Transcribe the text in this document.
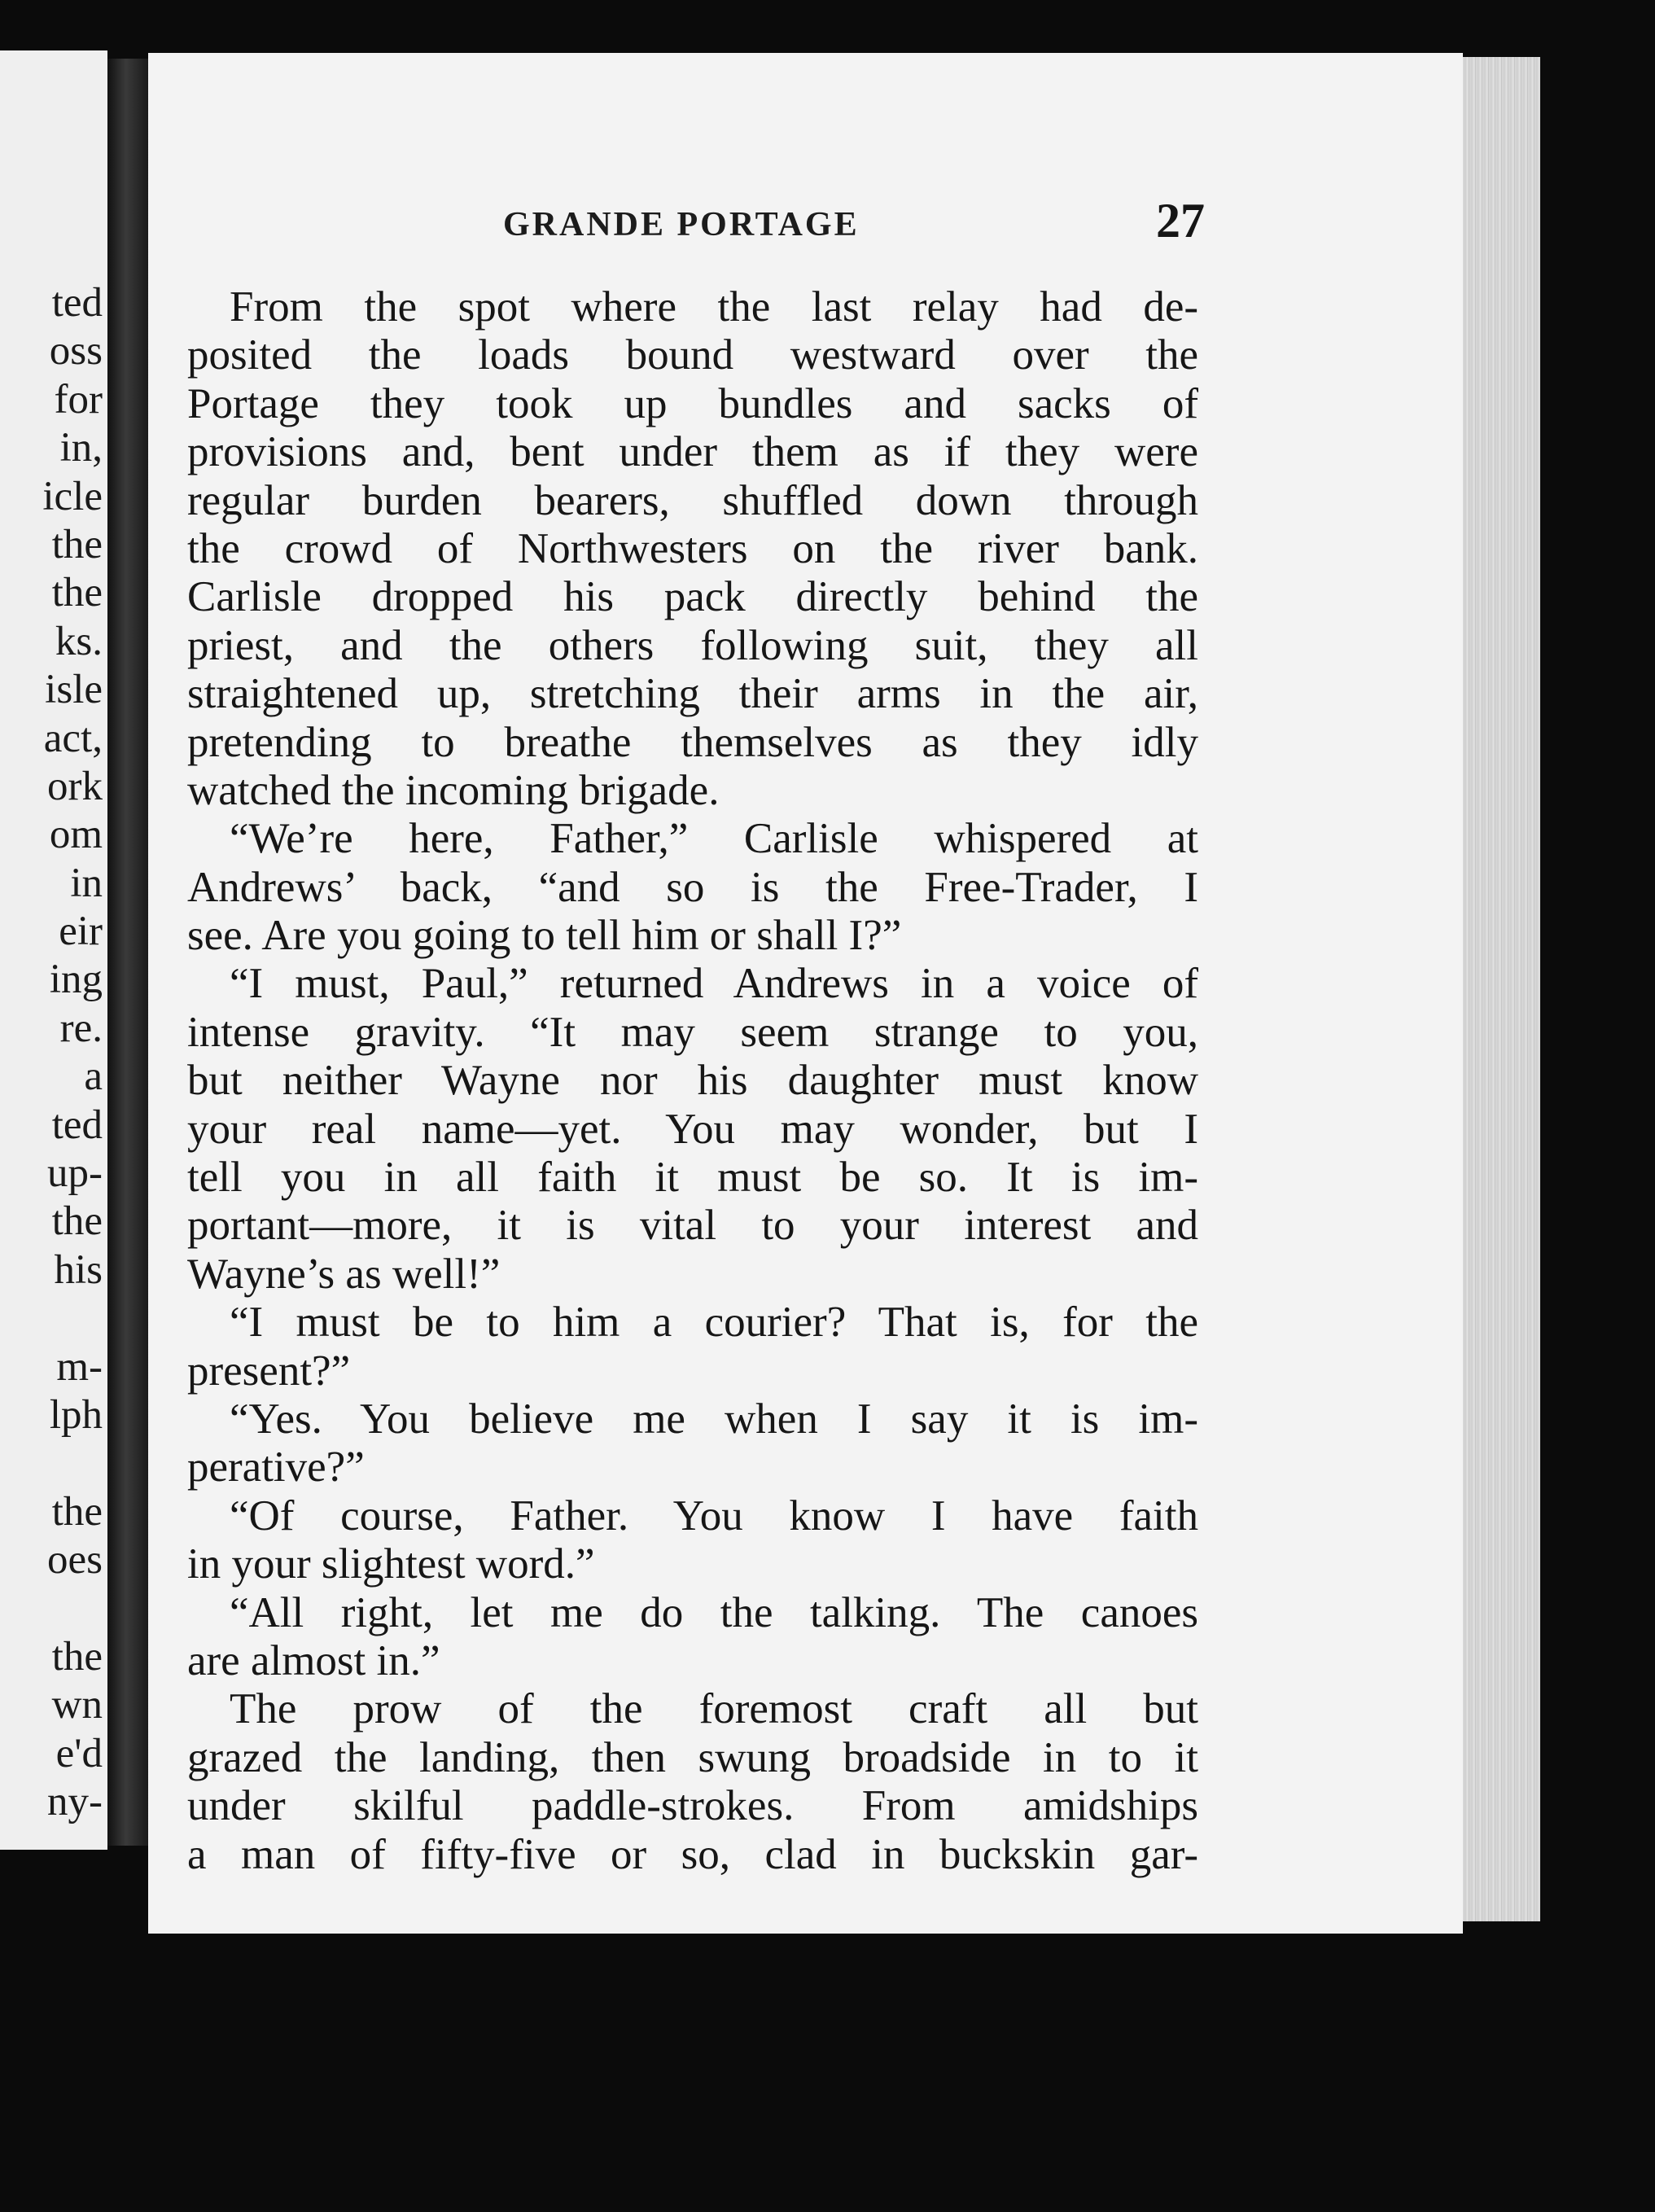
ted
oss
for
in,
icle
the
the
ks.
isle
act,
ork
om
in
eir
ing
re.
a
ted
up-
the
his
m-
lph
the
oes
the
wn
e'd
ny-
GRANDE PORTAGE	27
From the spot where the last relay had de-
posited the loads bound westward over the
Portage they took up bundles and sacks of
provisions and, bent under them as if they were
regular burden bearers, shuffled down through
the crowd of Northwesters on the river bank.
Carlisle dropped his pack directly behind the
priest, and the others following suit, they all
straightened up, stretching their arms in the air,
pretending to breathe themselves as they idly
watched the incoming brigade.
“We’re here, Father,” Carlisle whispered at
Andrews’ back, “and so is the Free-Trader, I
see. Are you going to tell him or shall I?”
“I must, Paul,” returned Andrews in a voice of
intense gravity. “It may seem strange to you,
but neither Wayne nor his daughter must know
your real name—yet. You may wonder, but I
tell you in all faith it must be so. It is im-
portant—more, it is vital to your interest and
Wayne’s as well!”
“I must be to him a courier? That is, for the
present?”
“Yes. You believe me when I say it is im-
perative?”
“Of course, Father. You know I have faith
in your slightest word.”
“All right, let me do the talking. The canoes
are almost in.”
The prow of the foremost craft all but
grazed the landing, then swung broadside in to it
under skilful paddle-strokes. From amidships
a man of fifty-five or so, clad in buckskin gar-
